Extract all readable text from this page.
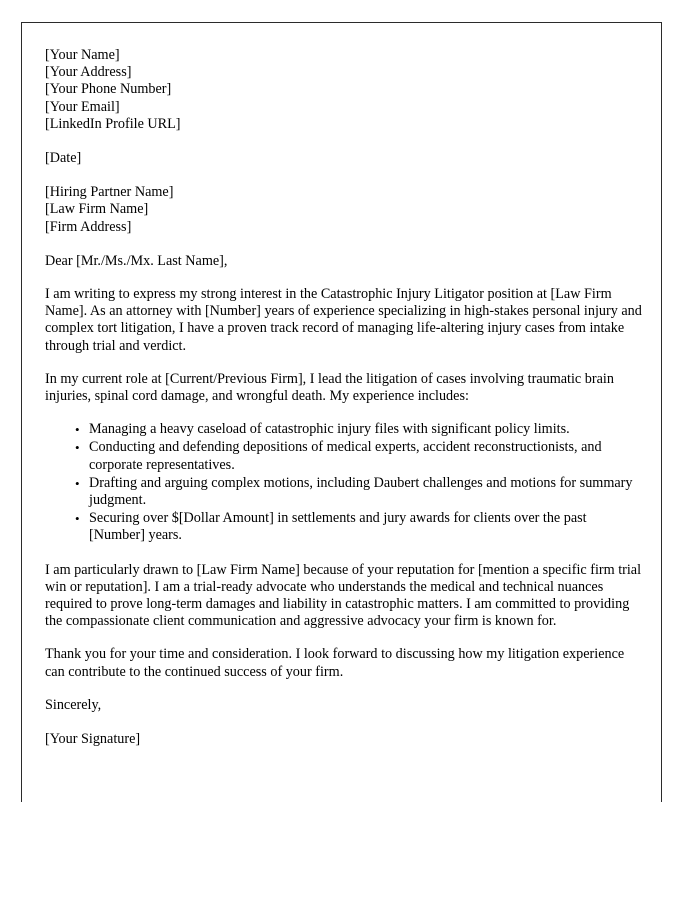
[Your Name]
[Your Address]
[Your Phone Number]
[Your Email]
[LinkedIn Profile URL]
[Date]
[Hiring Partner Name]
[Law Firm Name]
[Firm Address]

Dear [Mr./Ms./Mx. Last Name],

I am writing to express my strong interest in the Catastrophic Injury Litigator position at [Law Firm Name]. As an attorney with [Number] years of experience specializing in high-stakes personal injury and complex tort litigation, I have a proven track record of managing life-altering injury cases from intake through trial and verdict.

In my current role at [Current/Previous Firm], I lead the litigation of cases involving traumatic brain injuries, spinal cord damage, and wrongful death. My experience includes:

• Managing a heavy caseload of catastrophic injury files with significant policy limits.
• Conducting and defending depositions of medical experts, accident reconstructionists, and corporate representatives.
• Drafting and arguing complex motions, including Daubert challenges and motions for summary judgment.
• Securing over $[Dollar Amount] in settlements and jury awards for clients over the past [Number] years.

I am particularly drawn to [Law Firm Name] because of your reputation for [mention a specific firm trial win or reputation]. I am a trial-ready advocate who understands the medical and technical nuances required to prove long-term damages and liability in catastrophic matters. I am committed to providing the compassionate client communication and aggressive advocacy your firm is known for.

Thank you for your time and consideration. I look forward to discussing how my litigation experience can contribute to the continued success of your firm.

Sincerely,
[Your Signature]
